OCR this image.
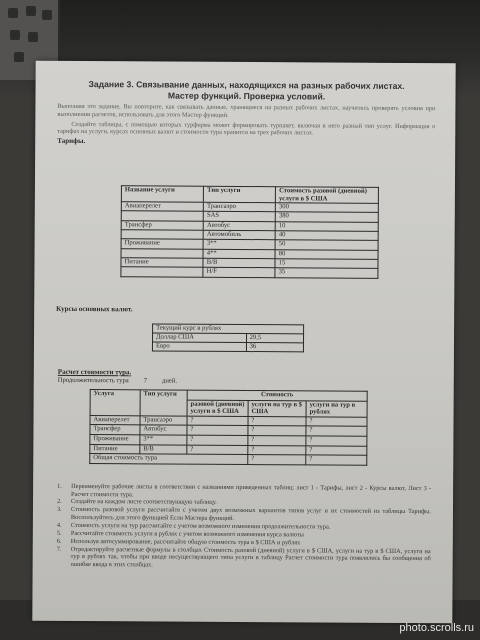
Задание 3. Связывание данных, находящихся на разных рабочих листах.
Мастер функций. Проверка условий.

Выполняя это задание, Вы повторите, как связывать данные, хранящиеся на разных рабочих листах, научитесь проверять условия при выполнении расчетов, использовать для этого Мастер функций.

Создайте таблицы, с помощью которых турфирма может формировать турпакет, включая в него разный тип услуг. Информация о тарифах на услуги, курсах основных валют и стоимости тура хранится на трех рабочих листах.

Тарифы.
Название услуги	Тип услуги	Стоимость разовой (дневной) услуги в $ США
Авиаперелет	Трансаэро	300
	SAS	380
Трансфер	Автобус	10
	Автомобиль	40
Проживание	3**	50
	4**	80
Питание	B/B	15
	H/F	35
Курсы основных валют.
Текущий курс в рублях	
Доллар США	29,5
Евро	36
Расчет стоимости тура.
Продолжительность тура 7 дней.
Услуга	Тип услуги	Стоимость		
		разовой (дневной) услуги в $ США	услуги на тур в $ США	услуги на тур в рублях
Авиаперелет	Трансаэро	?	?	?
Трансфер	Автобус	?	?	?
Проживание	3**	?	?	?
Питание	B/B	?	?	?
Общая стоимость тура			?	?
1.	Переименуйте рабочие листы в соответствии с названиями приведенных таблиц: лист 1 - Тарифы, лист 2 - Курсы валют, Лист 3 - Расчет стоимости тура.
2.	Создайте на каждом листе соответствующую таблицу.
3.	Стоимость разовой услуги рассчитайте с учетом двух возможных вариантов типов услуг и их стоимостей из таблицы Тарифы. Воспользуйтесь для этого функцией Если Мастера функций.
4.	Стоимость услуги на тур рассчитайте с учетом возможного изменения продолжительности тура.
5.	Рассчитайте стоимость услуги в рублях с учетом возможного изменения курса валюты
6.	Используя автосуммирование, рассчитайте общую стоимость тура в $ США и рублях
7.	Отредактируйте расчетные формулы в столбцах Стоимость разовой (дневной) услуги в $ США, услуги на тур в $ США, услуги на тур в рублях так, чтобы при вводе несуществующего типа услуги в таблицу Расчет стоимости тура появлялись бы сообщения об ошибке ввода в этих столбцах.
photo.scrolls.ru
